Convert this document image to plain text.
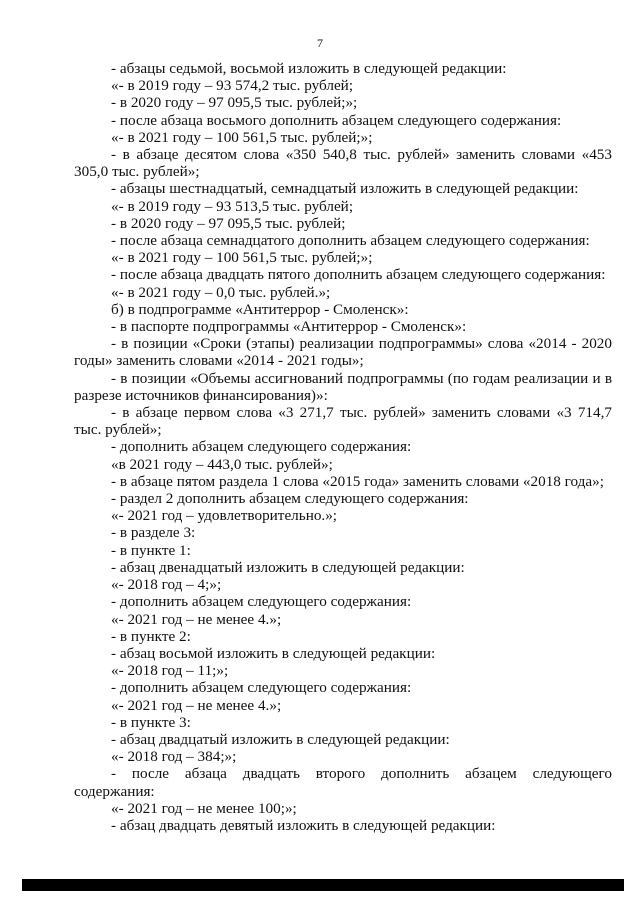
7

- абзацы седьмой, восьмой изложить в следующей редакции:

«- в 2019 году – 93 574,2 тыс. рублей;

- в 2020 году – 97 095,5 тыс. рублей;»;

- после абзаца восьмого дополнить абзацем следующего содержания:

«- в 2021 году – 100 561,5 тыс. рублей;»;

- в абзаце десятом слова «350 540,8 тыс. рублей» заменить словами «453 305,0 тыс. рублей»;

- абзацы шестнадцатый, семнадцатый изложить в следующей редакции:

«- в 2019 году – 93 513,5 тыс. рублей;

- в 2020 году – 97 095,5 тыс. рублей;

- после абзаца семнадцатого дополнить абзацем следующего содержания:

«- в 2021 году – 100 561,5 тыс. рублей;»;

- после абзаца двадцать пятого дополнить абзацем следующего содержания:

«- в 2021 году – 0,0 тыс. рублей.»;

б) в подпрограмме «Антитеррор - Смоленск»:

- в паспорте подпрограммы «Антитеррор - Смоленск»:

- в позиции «Сроки (этапы) реализации подпрограммы» слова «2014 - 2020 годы» заменить словами «2014 - 2021 годы»;

- в позиции «Объемы ассигнований подпрограммы (по годам реализации и в разрезе источников финансирования)»:

- в абзаце первом слова «3 271,7 тыс. рублей» заменить словами «3 714,7 тыс. рублей»;

- дополнить абзацем следующего содержания:

«в 2021 году – 443,0 тыс. рублей»;

- в абзаце пятом раздела 1 слова «2015 года» заменить словами «2018 года»;

- раздел 2 дополнить абзацем следующего содержания:

«- 2021 год – удовлетворительно.»;

- в разделе 3:

- в пункте 1:

- абзац двенадцатый изложить в следующей редакции:

«- 2018 год – 4;»;

- дополнить абзацем следующего содержания:

«- 2021 год – не менее 4.»;

- в пункте 2:

- абзац восьмой изложить в следующей редакции:

«- 2018 год – 11;»;

- дополнить абзацем следующего содержания:

«- 2021 год – не менее 4.»;

- в пункте 3:

- абзац двадцатый изложить в следующей редакции:

«- 2018 год – 384;»;

- после абзаца двадцать второго дополнить абзацем следующего содержания:

«- 2021 год – не менее 100;»;

- абзац двадцать девятый изложить в следующей редакции:
